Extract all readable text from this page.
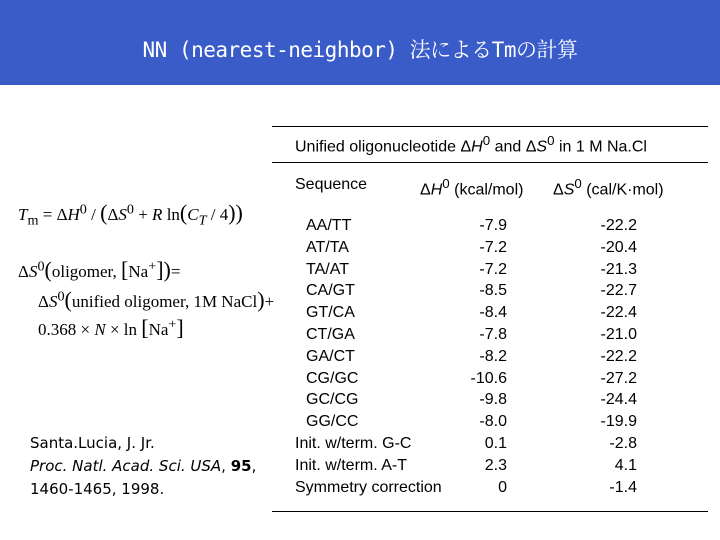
NN (nearest-neighbor) 法によるTmの計算
$T_m = \Delta H^0 / (\Delta S^0 + R$ $\ln(C_T / 4)$)
$\Delta S^0(oligomer$, [Na+])=
$\Delta S^0(unified$ oligomer, 1M NaCl)+
0.368 × N × ln [Na+]
Unified oligonucleotide $\Delta H^0$ and $\Delta S^0$ in 1 M Na.Cl
Sequence	$\Delta H^0$ (kcal/mol) $\Delta S^0$ (cal/K·mol)
AA/TT	-7.9	-22.2
AT/TA	-7.2	-20.4
TA/AT	-7.2	-21.3
CA/GT	-8.5	-22.7
GT/CA	-8.4	-22.4
CT/GA	-7.8	-21.0
GA/CT	-8.2	-22.2
CG/GC	-10.6	-27.2
GC/CG	-9.8	-24.4
GG/CC	-8.0	-19.9
Init. w/term. G-C	0.1	-2.8
Init. w/term. A-T	2.3	4.1
Symmetry correction	0	-1.4
Santa.Lucia, J. Jr.
Proc. Natl. Acad. Sci. USA, 95,
1460-1465, 1998.
